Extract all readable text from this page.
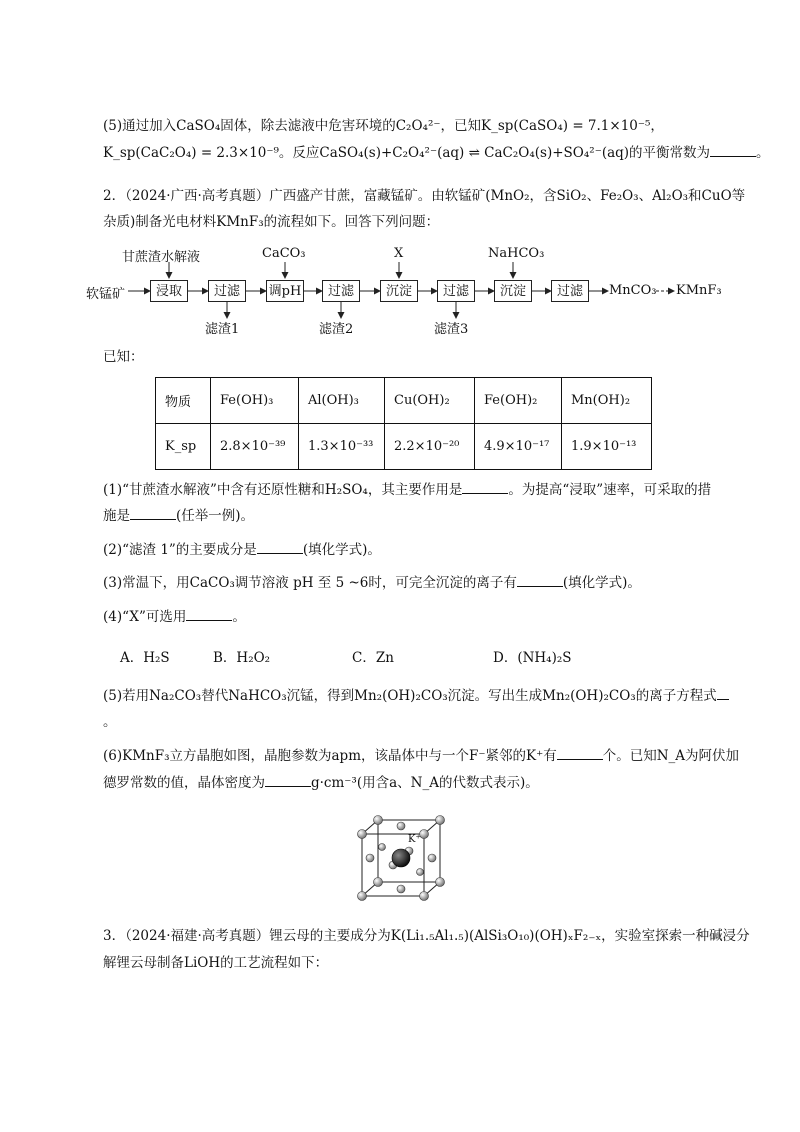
(5)通过加入CaSO₄固体，除去滤液中危害环境的C₂O₄²⁻，已知K_sp(CaSO₄) = 7.1×10⁻⁵，
K_sp(CaC₂O₄) = 2.3×10⁻⁹。反应CaSO₄(s)+C₂O₄²⁻(aq) ⇌ CaC₂O₄(s)+SO₄²⁻(aq)的平衡常数为	。
2．（2024·广西·高考真题）广西盛产甘蔗，富藏锰矿。由软锰矿(MnO₂，含SiO₂、Fe₂O₃、Al₂O₃和CuO等
杂质)制备光电材料KMnF₃的流程如下。回答下列问题：
软锰矿	浸取	过滤	调pH	过滤	沉淀	过滤	沉淀	过滤	MnCO₃ KMnF₃
甘蔗渣水解液	CaCO₃	X	NaHCO₃
滤渣1	滤渣2	滤渣3
已知：
物质	Fe(OH)₃	Al(OH)₃	Cu(OH)₂	Fe(OH)₂	Mn(OH)₂
K_sp	2.8×10⁻³⁹	1.3×10⁻³³	2.2×10⁻²⁰	4.9×10⁻¹⁷	1.9×10⁻¹³
(1)“甘蔗渣水解液”中含有还原性糖和H₂SO₄，其主要作用是	。为提高“浸取”速率，可采取的措
施是	(任举一例)。
(2)“滤渣 1”的主要成分是	(填化学式)。
(3)常温下，用CaCO₃调节溶液 pH 至 5 ~6时，可完全沉淀的离子有	(填化学式)。
(4)“X”可选用	。
A．H₂S	B．H₂O₂	C．Zn	D．(NH₄)₂S
(5)若用Na₂CO₃替代NaHCO₃沉锰，得到Mn₂(OH)₂CO₃沉淀。写出生成Mn₂(OH)₂CO₃的离子方程式
。
(6)KMnF₃立方晶胞如图，晶胞参数为apm，该晶体中与一个F⁻紧邻的K⁺有	个。已知N_A为阿伏加
德罗常数的值，晶体密度为	g·cm⁻³(用含a、N_A的代数式表示)。
K⁺
3．（2024·福建·高考真题）锂云母的主要成分为K(Li₁.₅Al₁.₅)(AlSi₃O₁₀)(OH)ₓF₂₋ₓ，实验室探索一种碱浸分
解锂云母制备LiOH的工艺流程如下：
